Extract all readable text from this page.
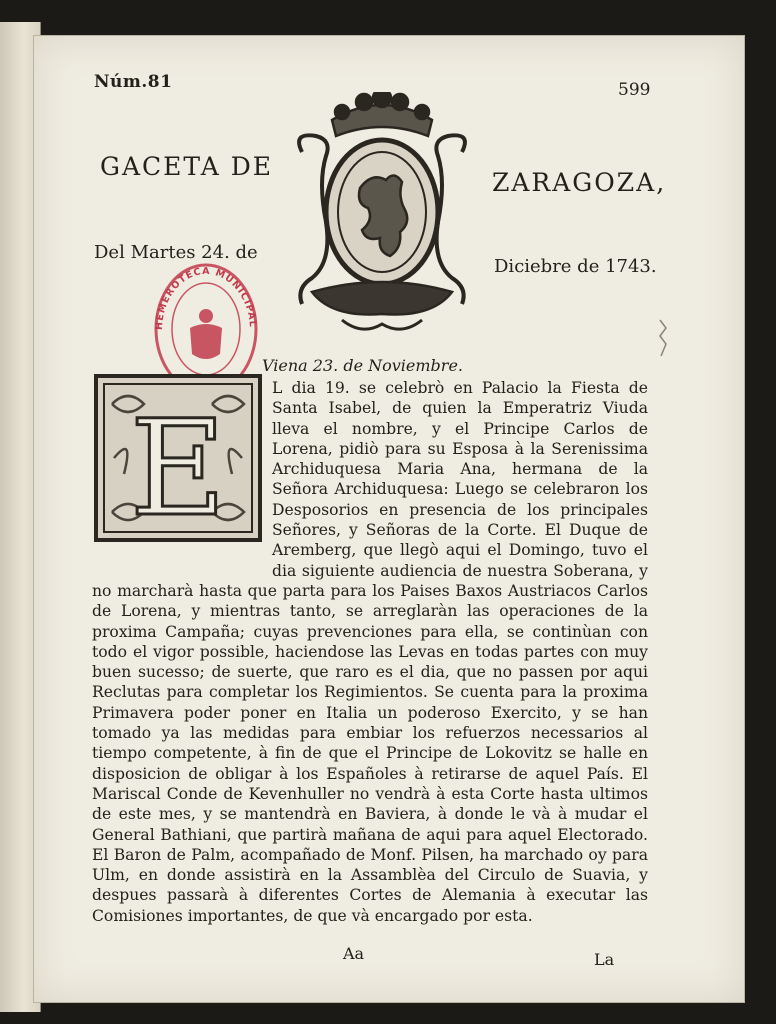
Núm.81	599
GACETA DE
ZARAGOZA,
Del Martes 24. de
Diciebre de 1743.
HEMEROTECA MUNICIPAL
Viena 23. de Noviembre.
E
L dia 19. se celebrò en Palacio la Fiesta de Santa Isabel, de quien la Emperatriz Viuda lleva el nombre, y el Principe Carlos de Lorena, pidiò para su Esposa à la Serenissima Archiduquesa Maria Ana, hermana de la Señora Archiduquesa: Luego se celebraron los Desposorios en presencia de los principales Señores, y Señoras de la Corte. El Duque de Aremberg, que llegò aqui el Domingo, tuvo el dia siguiente audiencia de nuestra Soberana, y no marcharà hasta que parta para los Paises Baxos Austriacos Carlos de Lorena, y mientras tanto, se arreglaràn las operaciones de la proxima Campaña; cuyas prevenciones para ella, se continùan con todo el vigor possible, haciendose las Levas en todas partes con muy buen sucesso; de suerte, que raro es el dia, que no passen por aqui Reclutas para completar los Regimientos. Se cuenta para la proxima Primavera poder poner en Italia un poderoso Exercito, y se han tomado ya las medidas para embiar los refuerzos necessarios al tiempo competente, à fin de que el Principe de Lokovitz se halle en disposicion de obligar à los Españoles à retirarse de aquel País. El Mariscal Conde de Kevenhuller no vendrà à esta Corte hasta ultimos de este mes, y se mantendrà en Baviera, à donde le và à mudar el General Bathiani, que partirà mañana de aqui para aquel Electorado. El Baron de Palm, acompañado de Monf. Pilsen, ha marchado oy para Ulm, en donde assistirà en la Assamblèa del Circulo de Suavia, y despues passarà à diferentes Cortes de Alemania à executar las Comisiones importantes, de que và encargado por esta.
Aa	La
